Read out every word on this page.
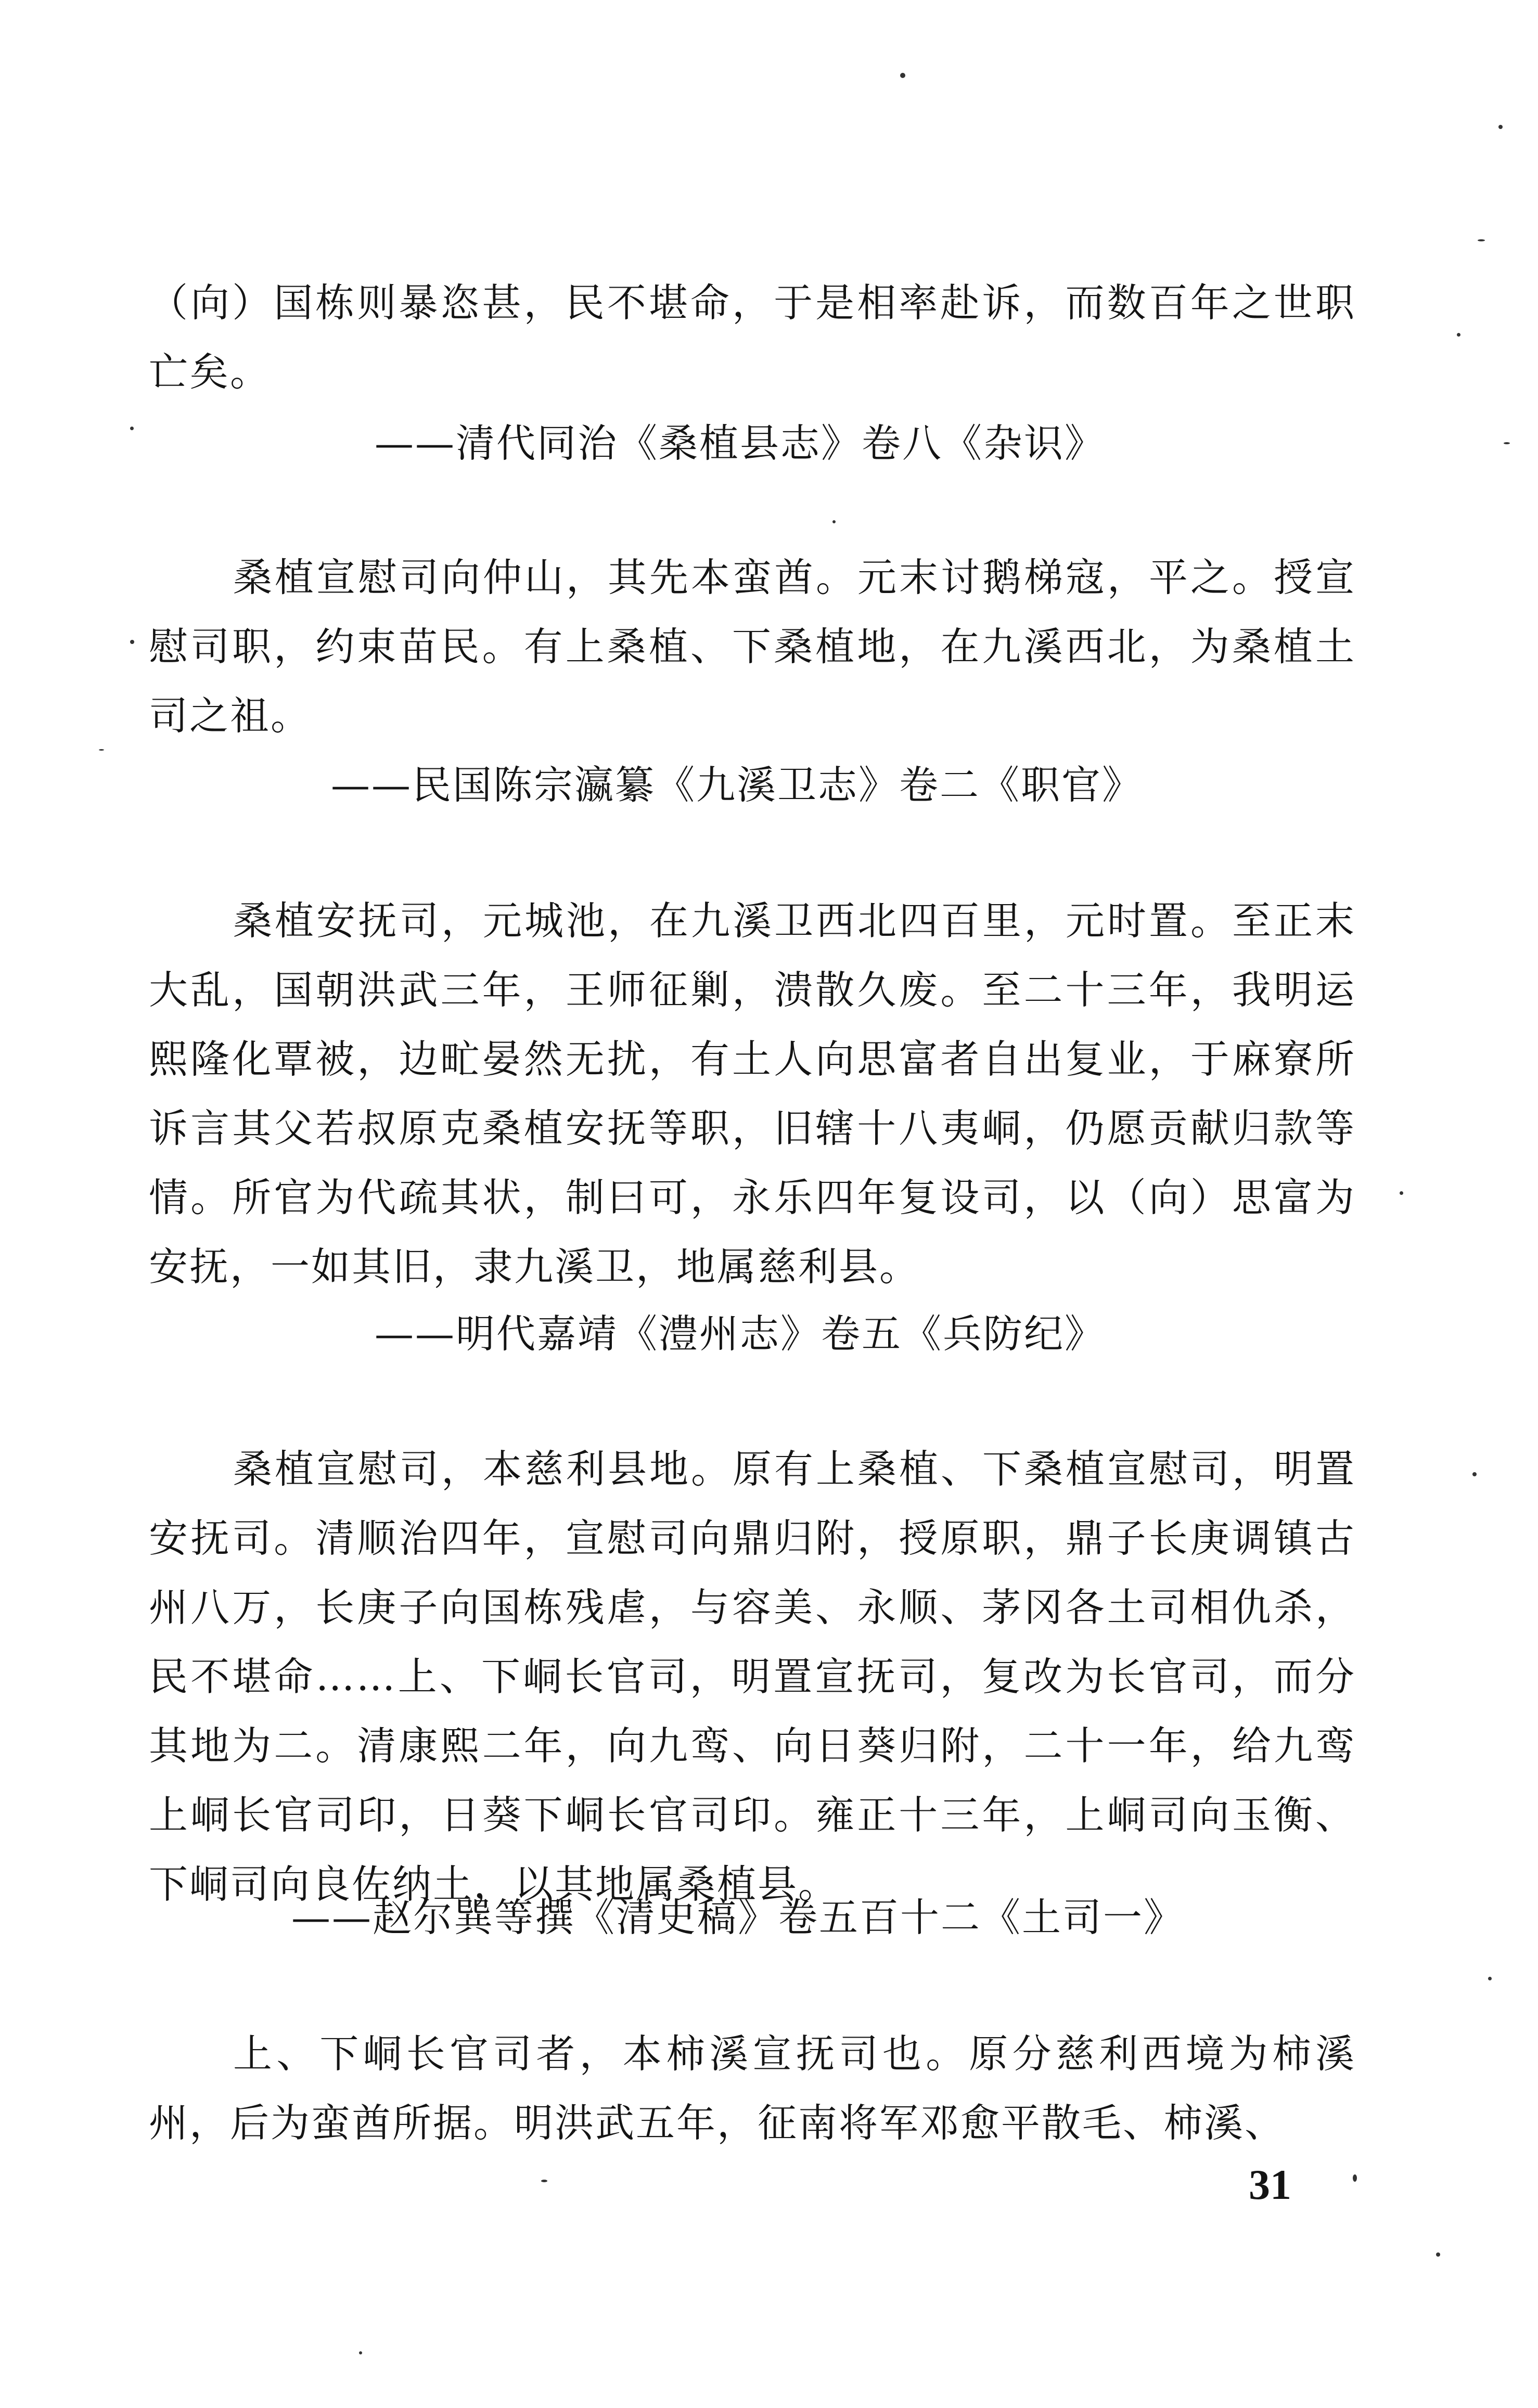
（向）国栋则暴恣甚，民不堪命，于是相率赴诉，而数百年之世职亡矣。

——清代同治《桑植县志》卷八《杂识》

桑植宣慰司向仲山，其先本蛮酋。元末讨鹅梯寇，平之。授宣慰司职，约束苗民。有上桑植、下桑植地，在九溪西北，为桑植土司之祖。

——民国陈宗瀛纂《九溪卫志》卷二《职官》

桑植安抚司，元城池，在九溪卫西北四百里，元时置。至正末大乱，国朝洪武三年，王师征剿，溃散久废。至二十三年，我明运熙隆化覃被，边甿晏然无扰，有土人向思富者自出复业，于麻寮所诉言其父若叔原克桑植安抚等职，旧辖十八夷峒，仍愿贡献归款等情。所官为代疏其状，制曰可，永乐四年复设司，以（向）思富为安抚，一如其旧，隶九溪卫，地属慈利县。

——明代嘉靖《澧州志》卷五《兵防纪》

桑植宣慰司，本慈利县地。原有上桑植、下桑植宣慰司，明置安抚司。清顺治四年，宣慰司向鼎归附，授原职，鼎子长庚调镇古州八万，长庚子向国栋残虐，与容美、永顺、茅冈各土司相仇杀，民不堪命……上、下峒长官司，明置宣抚司，复改为长官司，而分其地为二。清康熙二年，向九鸾、向日葵归附，二十一年，给九鸾上峒长官司印，日葵下峒长官司印。雍正十三年，上峒司向玉衡、下峒司向良佐纳土，以其地属桑植县。

——赵尔巽等撰《清史稿》卷五百十二《土司一》

上、下峒长官司者，本柿溪宣抚司也。原分慈利西境为柿溪州，后为蛮酋所据。明洪武五年，征南将军邓愈平散毛、柿溪、

31
